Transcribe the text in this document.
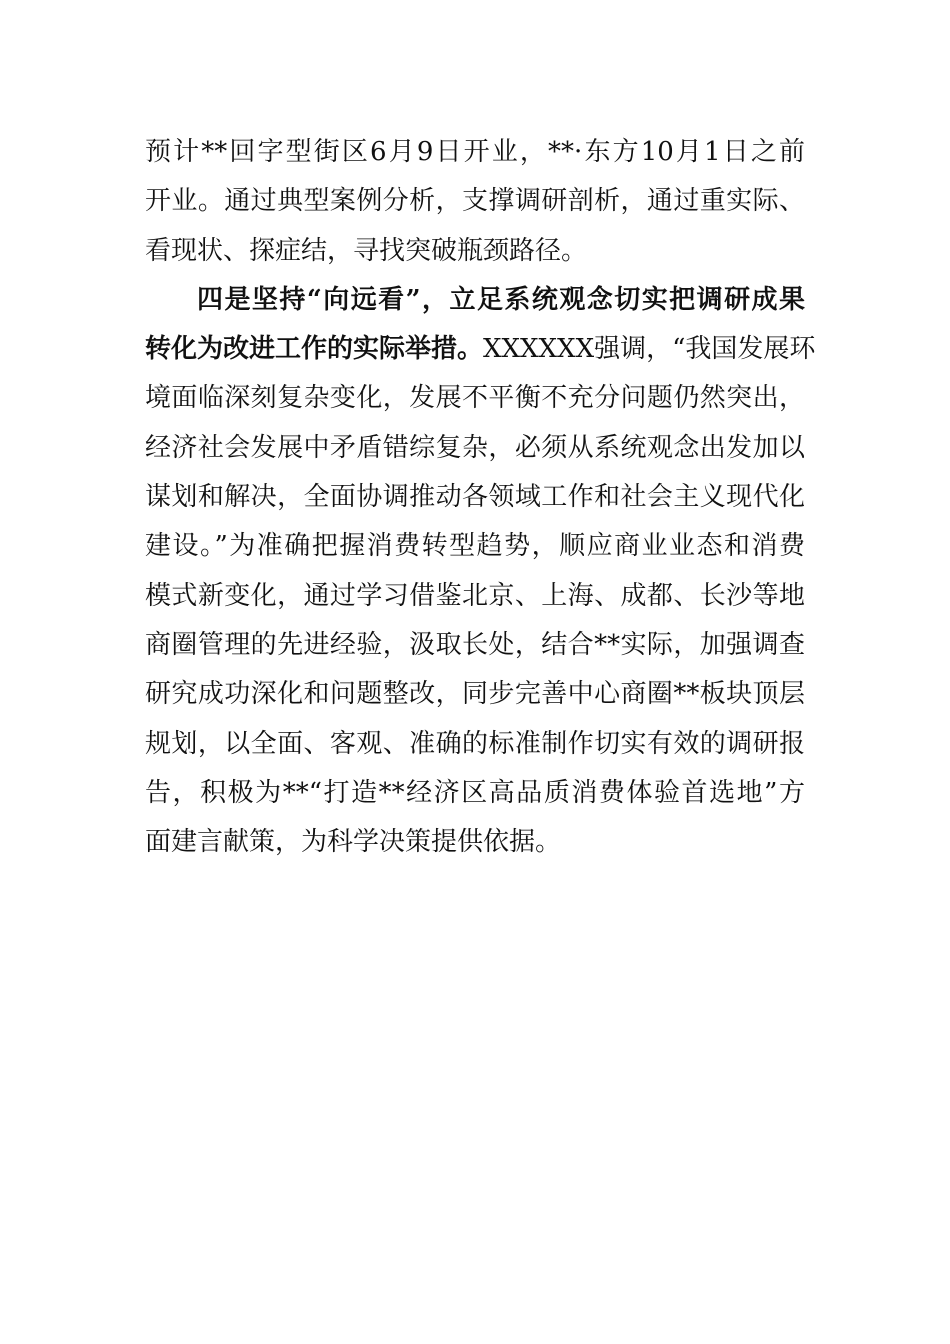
预计**回字型街区6月9日开业，**·东方10月1日之前
开业。通过典型案例分析，支撑调研剖析，通过重实际、
看现状、探症结，寻找突破瓶颈路径。
四是坚持“向远看”，立足系统观念切实把调研成果
转化为改进工作的实际举措。XXXXXX强调，“我国发展环
境面临深刻复杂变化，发展不平衡不充分问题仍然突出，
经济社会发展中矛盾错综复杂，必须从系统观念出发加以
谋划和解决，全面协调推动各领域工作和社会主义现代化
建设。”为准确把握消费转型趋势，顺应商业业态和消费
模式新变化，通过学习借鉴北京、上海、成都、长沙等地
商圈管理的先进经验，汲取长处，结合**实际，加强调查
研究成功深化和问题整改，同步完善中心商圈**板块顶层
规划，以全面、客观、准确的标准制作切实有效的调研报
告，积极为**“打造**经济区高品质消费体验首选地”方
面建言献策，为科学决策提供依据。
